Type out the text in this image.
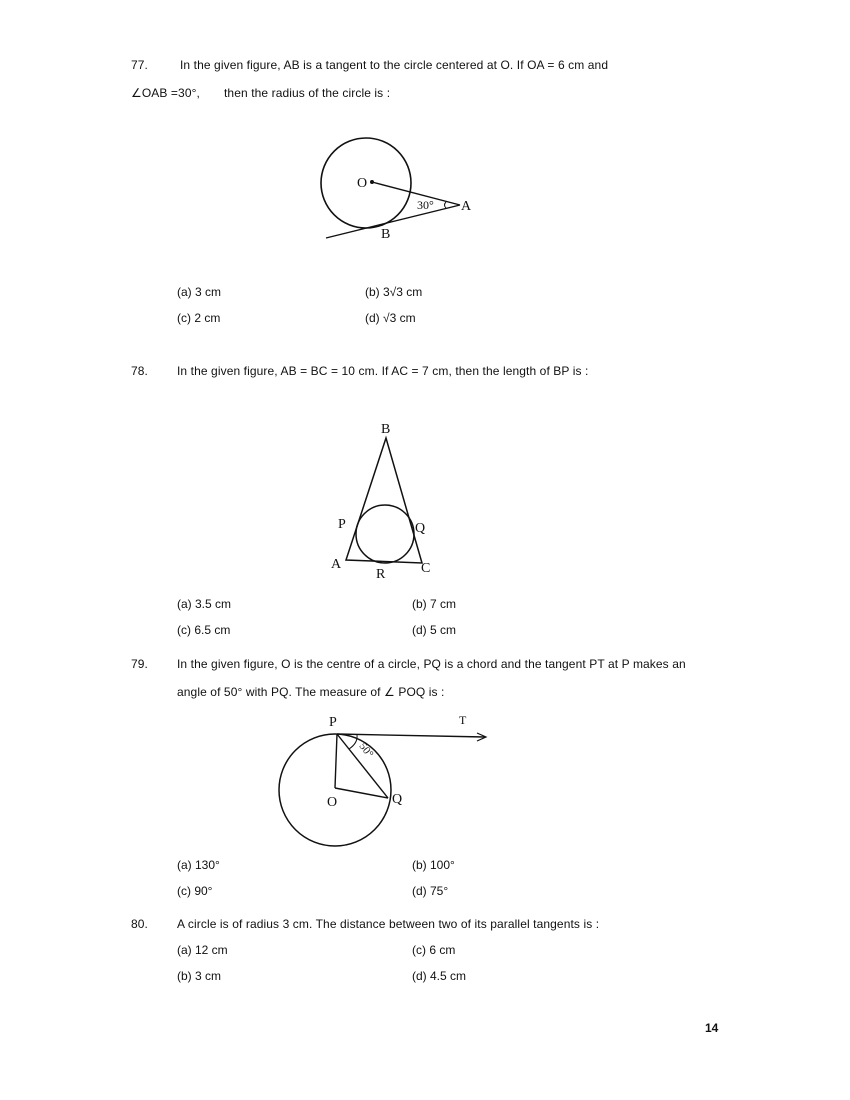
77.	In the given figure, AB is a tangent to the circle centered at O. If OA = 6 cm and
∠OAB =30°, then the radius of the circle is :
O
A
B
30°
(a) 3 cm	(b) 3√3 cm
(c) 2 cm	(d) √3 cm
78. In the given figure, AB = BC = 10 cm. If AC = 7 cm, then the length of BP is :
B
P	Q
A
R	C
(a) 3.5 cm	(b) 7 cm
(c) 6.5 cm	(d) 5 cm
79. In the given figure, O is the centre of a circle, PQ is a chord and the tangent PT at P makes an
angle of 50° with PQ. The measure of ∠ POQ is :
P	T
O	Q
50°
(a) 130°	(b) 100°
(c) 90°	(d) 75°
80. A circle is of radius 3 cm. The distance between two of its parallel tangents is :
(a) 12 cm	(c) 6 cm
(b) 3 cm	(d) 4.5 cm
14
